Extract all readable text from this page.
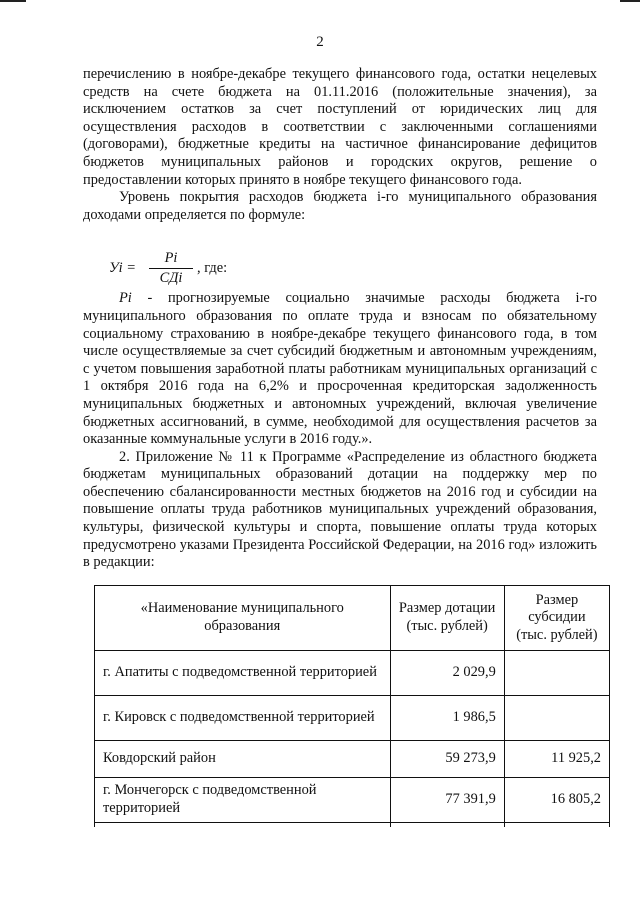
2

перечислению в ноябре-декабре текущего финансового года, остатки нецелевых средств на счете бюджета на 01.11.2016 (положительные значения), за исключением остатков за счет поступлений от юридических лиц для осуществления расходов в соответствии с заключенными соглашениями (договорами), бюджетные кредиты на частичное финансирование дефицитов бюджетов муниципальных районов и городских округов, решение о предоставлении которых принято в ноябре текущего финансового года.

Уровень покрытия расходов бюджета i-го муниципального образования доходами определяется по формуле:

Уi =
Pi
СДi
, где:

Pi - прогнозируемые социально значимые расходы бюджета i-го муниципального образования по оплате труда и взносам по обязательному социальному страхованию в ноябре-декабре текущего финансового года, в том числе осуществляемые за счет субсидий бюджетным и автономным учреждениям, с учетом повышения заработной платы работникам муниципальных организаций с 1 октября 2016 года на 6,2% и просроченная кредиторская задолженность муниципальных бюджетных и автономных учреждений, включая увеличение бюджетных ассигнований, в сумме, необходимой для осуществления расчетов за оказанные коммунальные услуги в 2016 году.».

2. Приложение № 11 к Программе «Распределение из областного бюджета бюджетам муниципальных образований дотации на поддержку мер по обеспечению сбалансированности местных бюджетов на 2016 год и субсидии на повышение оплаты труда работников муниципальных учреждений образования, культуры, физической культуры и спорта, повышение оплаты труда которых предусмотрено указами Президента Российской Федерации, на 2016 год» изложить в редакции:

«Наименование муниципального образования	Размер дотации (тыс. рублей)	Размер субсидии (тыс. рублей)
г. Апатиты с подведомственной территорией	2 029,9	
г. Кировск с подведомственной территорией	1 986,5	
Ковдорский район	59 273,9	11 925,2
г. Мончегорск с подведомственной территорией	77 391,9	16 805,2
